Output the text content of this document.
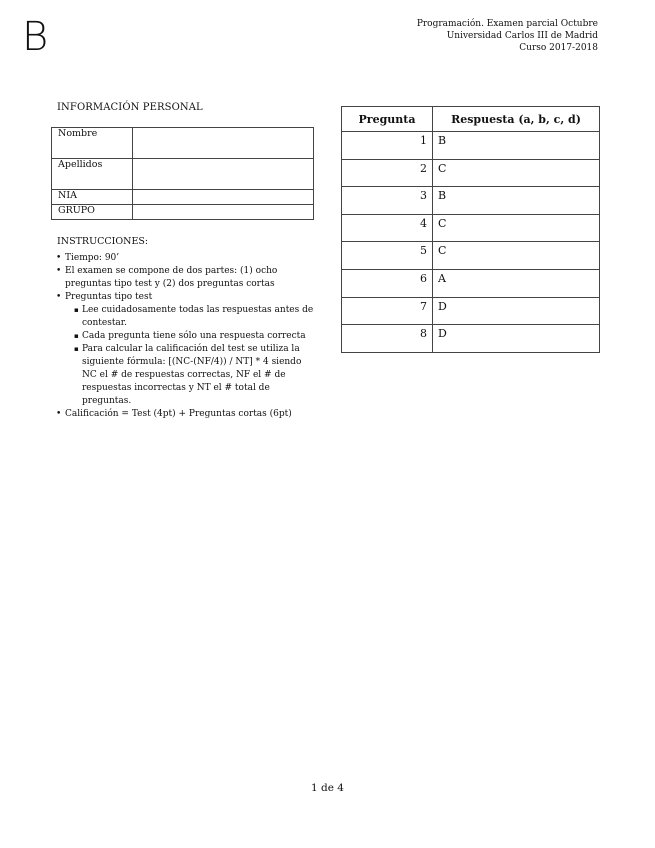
B	Programación. Examen parcial Octubre
Universidad Carlos III de Madrid
Curso 2017-2018
INFORMACIÓN PERSONAL
Nombre	
Apellidos	
NIA	
GRUPO	
INSTRUCCIONES:
• Tiempo: 90’
• El examen se compone de dos partes: (1) ocho preguntas tipo test y (2) dos preguntas cortas
• Preguntas tipo test
▪ Lee cuidadosamente todas las respuestas antes de contestar.
▪ Cada pregunta tiene sólo una respuesta correcta
▪ Para calcular la calificación del test se utiliza la siguiente fórmula: [(NC-(NF/4)) / NT] * 4 siendo NC el # de respuestas correctas, NF el # de respuestas incorrectas y NT el # total de preguntas.
• Calificación = Test (4pt) + Preguntas cortas (6pt)
Pregunta	Respuesta (a, b, c, d)
1	B
2	C
3	B
4	C
5	C
6	A
7	D
8	D
1 de 4
